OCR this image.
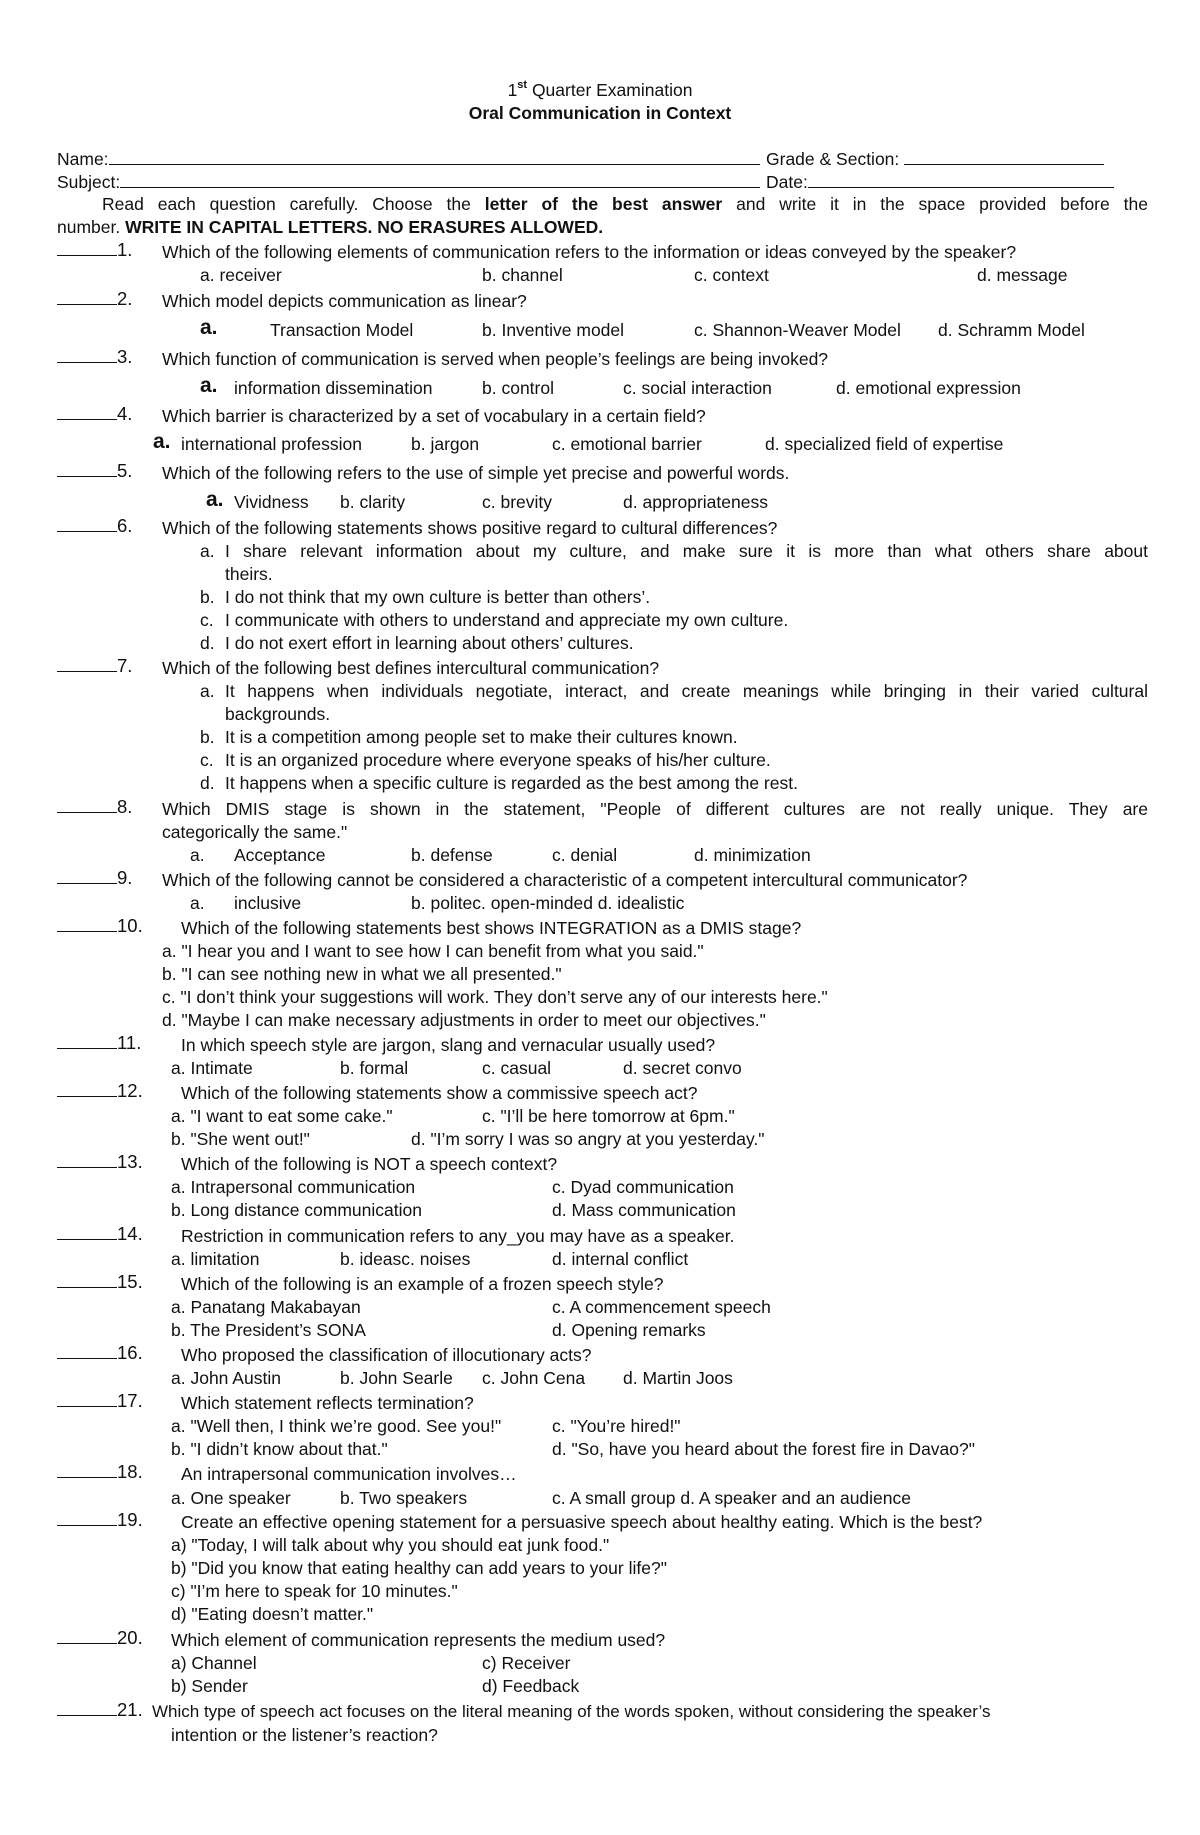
1st Quarter Examination
Oral Communication in Context
Name:	Grade & Section:
Subject:	Date:
Read each question carefully. Choose the letter of the best answer and write it in the space provided before the
number. WRITE IN CAPITAL LETTERS. NO ERASURES ALLOWED.
1. Which of the following elements of communication refers to the information or ideas conveyed by the speaker?
a. receiver	b. channel	c. context	d. message
2. Which model depicts communication as linear?
a.	Transaction Model	b. Inventive model	c. Shannon-Weaver Model d. Schramm Model
3. Which function of communication is served when people’s feelings are being invoked?
a. information dissemination	b. control	c. social interaction	d. emotional expression
4. Which barrier is characterized by a set of vocabulary in a certain field?
a. international profession	b. jargon	c. emotional barrier	d. specialized field of expertise
5. Which of the following refers to the use of simple yet precise and powerful words.
a. Vividness b. clarity	c. brevity	d. appropriateness
6. Which of the following statements shows positive regard to cultural differences?
a. I share relevant information about my culture, and make sure it is more than what others share about
theirs.
b. I do not think that my own culture is better than others’.
c. I communicate with others to understand and appreciate my own culture.
d. I do not exert effort in learning about others’ cultures.
7. Which of the following best defines intercultural communication?
a. It happens when individuals negotiate, interact, and create meanings while bringing in their varied cultural
backgrounds.
b. It is a competition among people set to make their cultures known.
c. It is an organized procedure where everyone speaks of his/her culture.
d. It happens when a specific culture is regarded as the best among the rest.
8. Which DMIS stage is shown in the statement, "People of different cultures are not really unique. They are
categorically the same."
a. Acceptance	b. defense	c. denial	d. minimization
9. Which of the following cannot be considered a characteristic of a competent intercultural communicator?
a. inclusive	b. politec. open-minded d. idealistic
10. Which of the following statements best shows INTEGRATION as a DMIS stage?
a. "I hear you and I want to see how I can benefit from what you said."
b. "I can see nothing new in what we all presented."
c. "I don’t think your suggestions will work. They don’t serve any of our interests here."
d. "Maybe I can make necessary adjustments in order to meet our objectives."
11. In which speech style are jargon, slang and vernacular usually used?
a. Intimate	b. formal	c. casual	d. secret convo
12. Which of the following statements show a commissive speech act?
a. "I want to eat some cake."	c. "I’ll be here tomorrow at 6pm."
b. "She went out!"	d. "I’m sorry I was so angry at you yesterday."
13. Which of the following is NOT a speech context?
a. Intrapersonal communication	c. Dyad communication
b. Long distance communication	d. Mass communication
14. Restriction in communication refers to any_you may have as a speaker.
a. limitation	b. ideasc. noises	d. internal conflict
15. Which of the following is an example of a frozen speech style?
a. Panatang Makabayan	c. A commencement speech
b. The President’s SONA	d. Opening remarks
16. Who proposed the classification of illocutionary acts?
a. John Austin	b. John Searle c. John Cena d. Martin Joos
17. Which statement reflects termination?
a. "Well then, I think we’re good. See you!"	c. "You’re hired!"
b. "I didn’t know about that."	d. "So, have you heard about the forest fire in Davao?"
18. An intrapersonal communication involves…
a. One speaker	b. Two speakers	c. A small group d. A speaker and an audience
19. Create an effective opening statement for a persuasive speech about healthy eating. Which is the best?
a) "Today, I will talk about why you should eat junk food."
b) "Did you know that eating healthy can add years to your life?"
c) "I’m here to speak for 10 minutes."
d) "Eating doesn’t matter."
20. Which element of communication represents the medium used?
a) Channel	c) Receiver
b) Sender	d) Feedback
21. Which type of speech act focuses on the literal meaning of the words spoken, without considering the speaker’s
intention or the listener’s reaction?
